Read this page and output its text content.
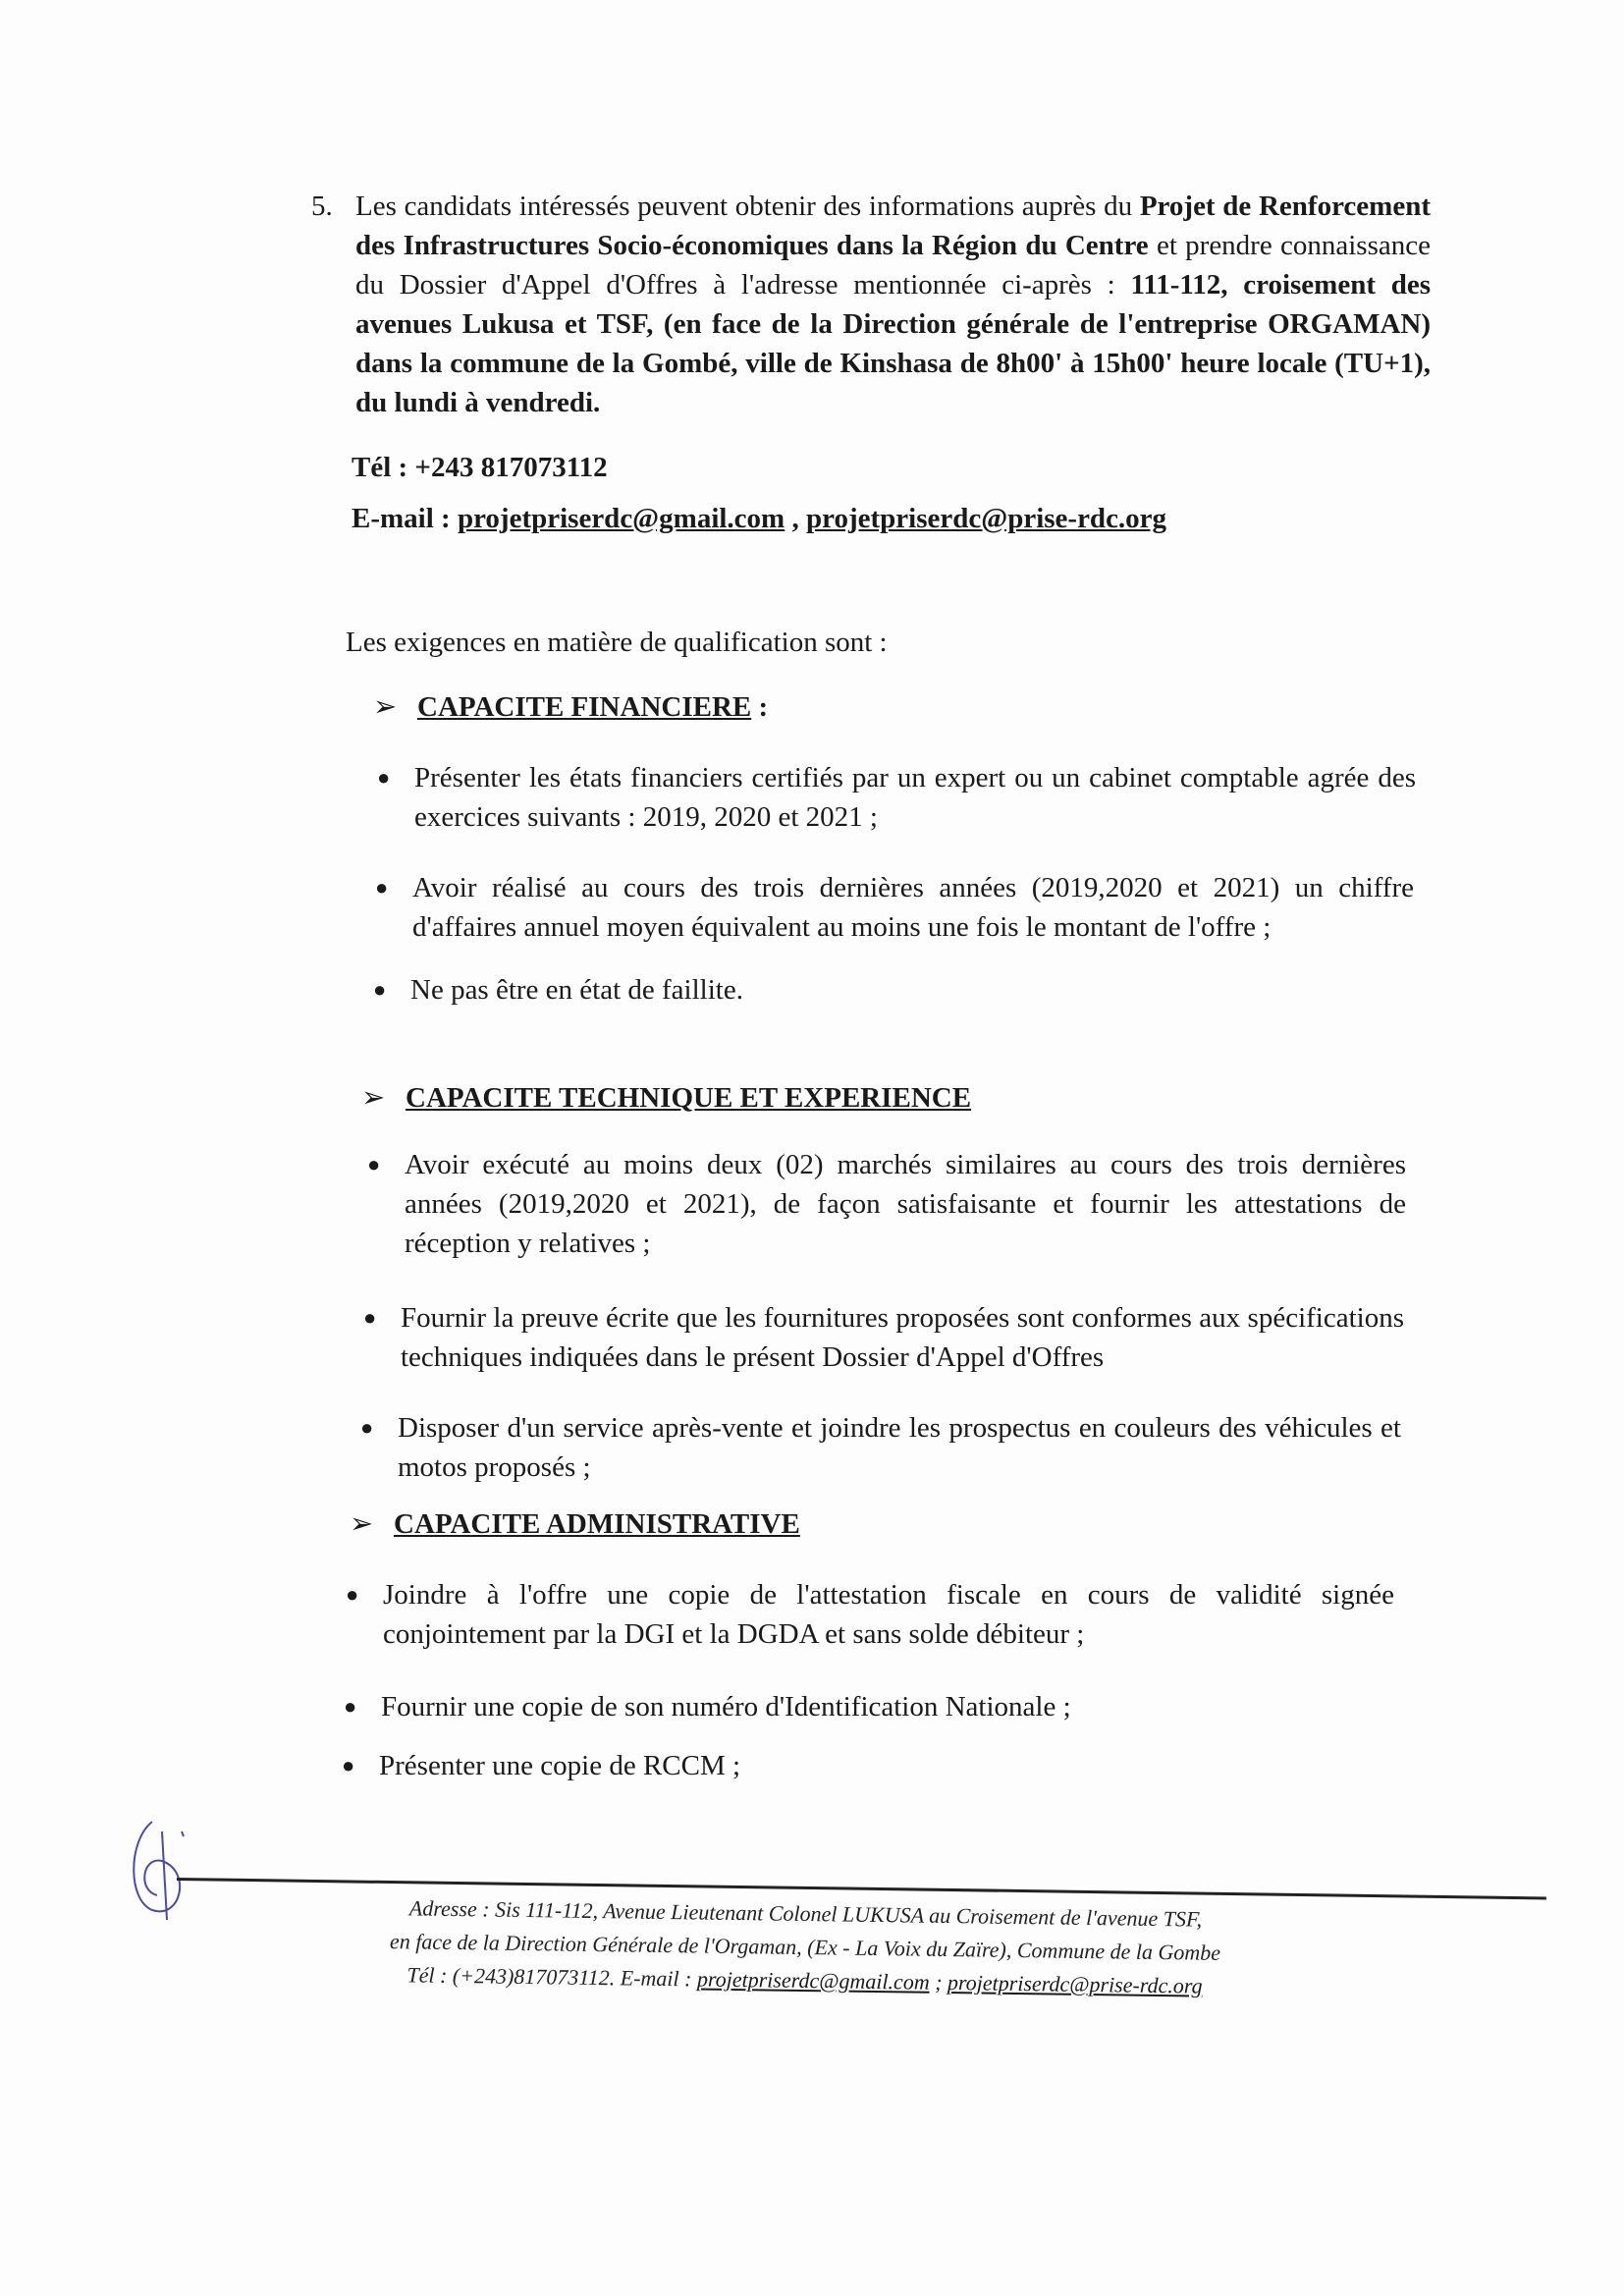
5. Les candidats intéressés peuvent obtenir des informations auprès du Projet de Renforcement des Infrastructures Socio-économiques dans la Région du Centre et prendre connaissance du Dossier d'Appel d'Offres à l'adresse mentionnée ci-après : 111-112, croisement des avenues Lukusa et TSF, (en face de la Direction générale de l'entreprise ORGAMAN) dans la commune de la Gombé, ville de Kinshasa de 8h00' à 15h00' heure locale (TU+1), du lundi à vendredi.
Tél : +243 817073112
E-mail : projetpriserdc@gmail.com , projetpriserdc@prise-rdc.org
Les exigences en matière de qualification sont :
➢ CAPACITE FINANCIERE :
● Présenter les états financiers certifiés par un expert ou un cabinet comptable agrée des exercices suivants : 2019, 2020 et 2021 ;
● Avoir réalisé au cours des trois dernières années (2019,2020 et 2021) un chiffre d'affaires annuel moyen équivalent au moins une fois le montant de l'offre ;
● Ne pas être en état de faillite.
➢ CAPACITE TECHNIQUE ET EXPERIENCE
● Avoir exécuté au moins deux (02) marchés similaires au cours des trois dernières années (2019,2020 et 2021), de façon satisfaisante et fournir les attestations de réception y relatives ;
● Fournir la preuve écrite que les fournitures proposées sont conformes aux spécifications techniques indiquées dans le présent Dossier d'Appel d'Offres
● Disposer d'un service après-vente et joindre les prospectus en couleurs des véhicules et motos proposés ;
➢ CAPACITE ADMINISTRATIVE
● Joindre à l'offre une copie de l'attestation fiscale en cours de validité signée conjointement par la DGI et la DGDA et sans solde débiteur ;
● Fournir une copie de son numéro d'Identification Nationale ;
● Présenter une copie de RCCM ;
Adresse : Sis 111-112, Avenue Lieutenant Colonel LUKUSA au Croisement de l'avenue TSF,
en face de la Direction Générale de l'Orgaman, (Ex - La Voix du Zaïre), Commune de la Gombe
Tél : (+243)817073112. E-mail : projetpriserdc@gmail.com ; projetpriserdc@prise-rdc.org
